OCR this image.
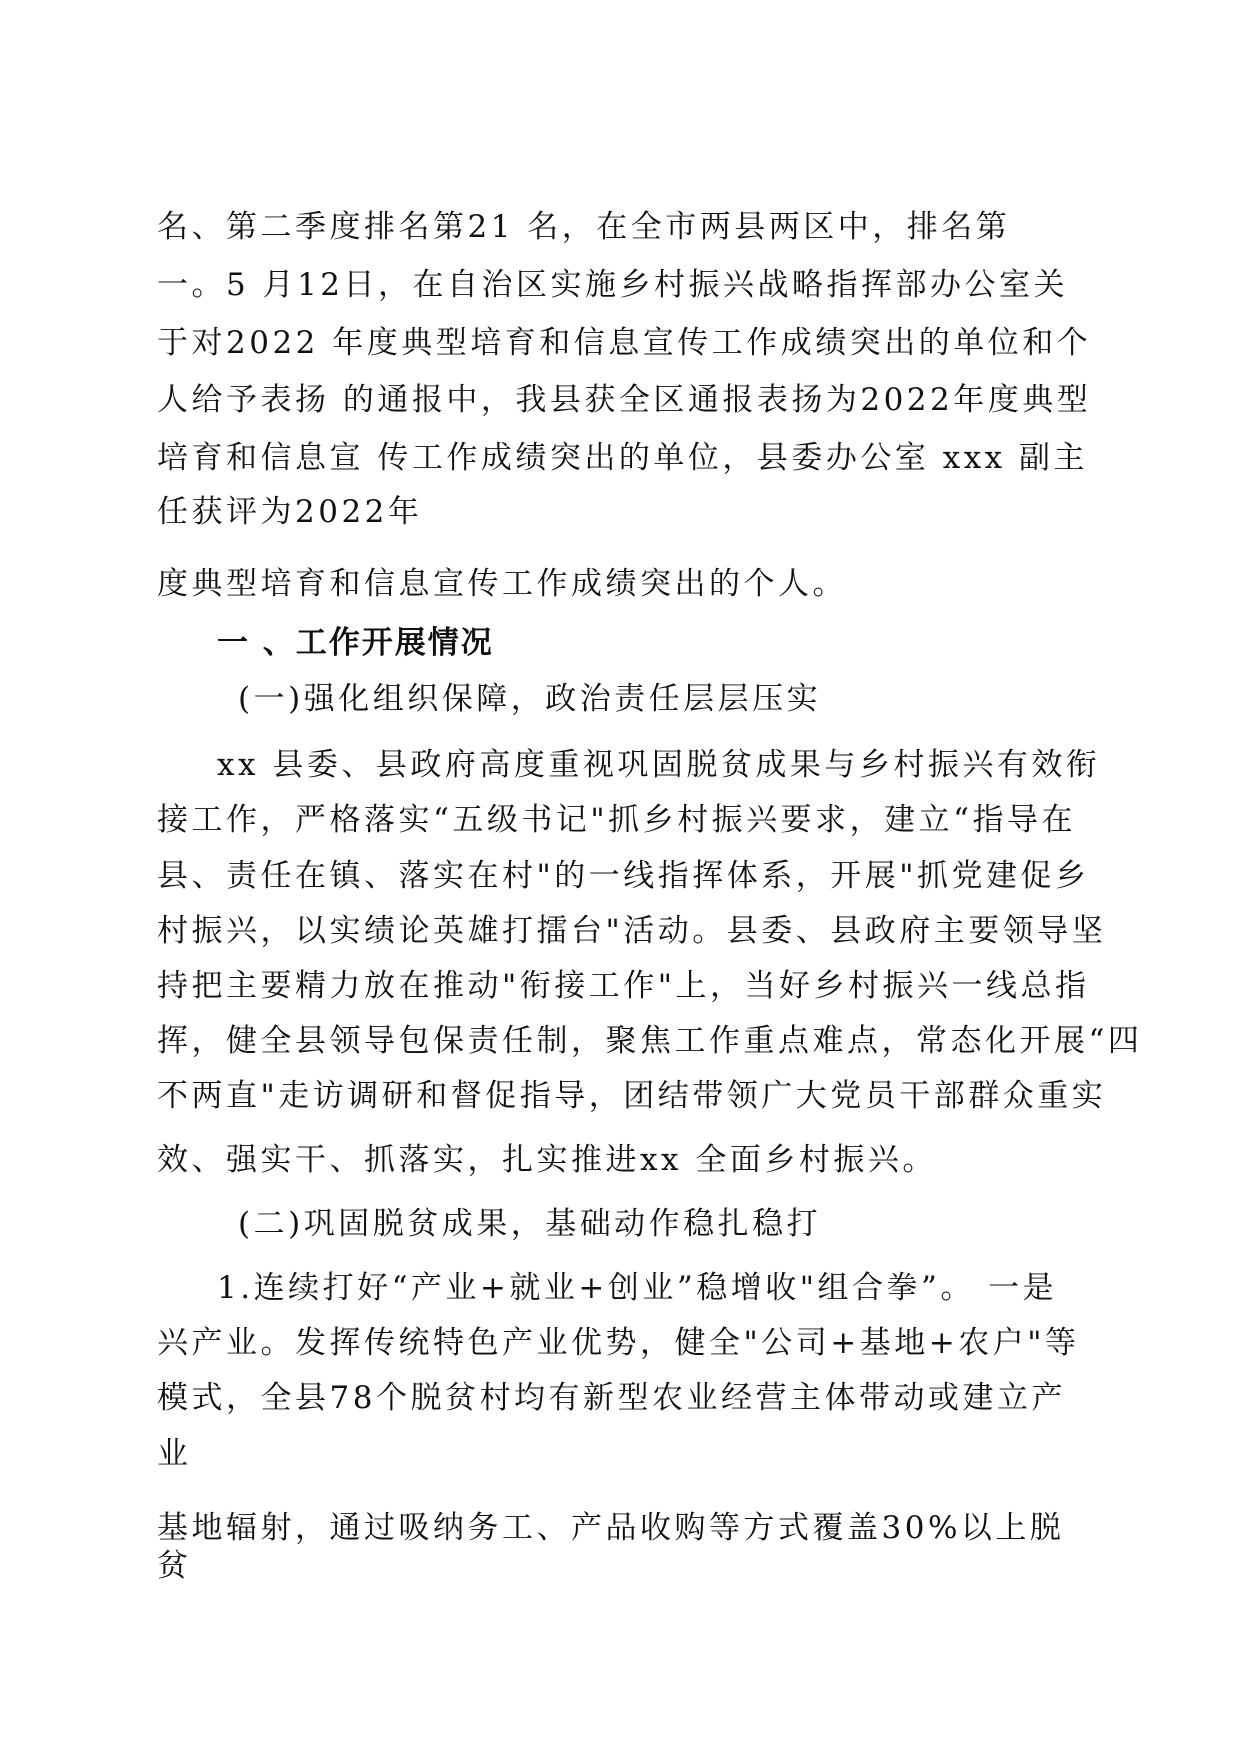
名、第二季度排名第21 名，在全市两县两区中，排名第
一。5 月12日，在自治区实施乡村振兴战略指挥部办公室关
于对2022 年度典型培育和信息宣传工作成绩突出的单位和个
人给予表扬 的通报中，我县获全区通报表扬为2022年度典型
培育和信息宣 传工作成绩突出的单位，县委办公室 xxx 副主
任获评为2022年
度典型培育和信息宣传工作成绩突出的个人。
一 、工作开展情况
(一)强化组织保障，政治责任层层压实
xx 县委、县政府高度重视巩固脱贫成果与乡村振兴有效衔
接工作，严格落实“五级书记"抓乡村振兴要求，建立“指导在
县、责任在镇、落实在村"的一线指挥体系，开展"抓党建促乡
村振兴，以实绩论英雄打擂台"活动。县委、县政府主要领导坚
持把主要精力放在推动"衔接工作"上，当好乡村振兴一线总指
挥，健全县领导包保责任制，聚焦工作重点难点，常态化开展“四
不两直"走访调研和督促指导，团结带领广大党员干部群众重实
效、强实干、抓落实，扎实推进xx 全面乡村振兴。
(二)巩固脱贫成果，基础动作稳扎稳打
1.连续打好“产业+就业+创业”稳增收"组合拳”。 一是
兴产业。发挥传统特色产业优势，健全"公司+基地+农户"等
模式，全县78个脱贫村均有新型农业经营主体带动或建立产
业
基地辐射，通过吸纳务工、产品收购等方式覆盖30%以上脱
贫
